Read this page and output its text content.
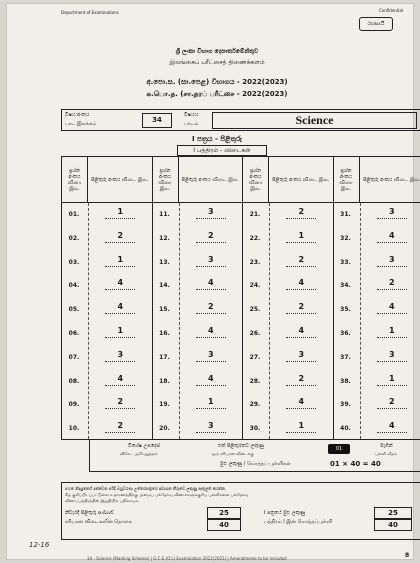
Department of Examinations	Confidential
රහස්‍යයි
ශ්‍රී ලංකා විභාග දෙපාර්තමේන්තුව
இலங்கைப் பரீட்சைத் திணைக்களம்
අ.පො.ස. (සා.පෙළ) විභාගය - 2022(2023)
க.பொ.த. (சா.தரப் பரீட்சை - 2022(2023)
විෂය අංකය
பாட இலக்கம்	34
විෂයය
பாடம்	Science
I පත්‍රය - පිළිතුරු
I பத்திரம் - விடைகள்
ප්‍රශ්න අංකය வினா இல.
පිළිතුරු අංකය விடை இல.
ප්‍රශ්න අංකය வினா இல.
පිළිතුරු අංකය விடை இல.
ප්‍රශ්න අංකය வினா இல.
පිළිතුරු අංකය விடை இல.
ප්‍රශ්න අංකය வினா இல.
පිළිතුරු අංකය விடை இல.
01.	1
02.	2
03.	1
04.	4
05.	4
06.	1
07.	3
08.	4
09.	2
10.	2
11.	3
12.	2
13.	3
14.	4
15.	2
16.	4
17.	3
18.	4
19.	1
20.	3
21.	2
22.	1
23.	2
24.	4
25.	2
26.	4
27.	3
28.	2
29.	4
30.	1
31.	3
32.	4
33.	3
34.	2
35.	4
36.	1
37.	3
38.	1
39.	2
40.	4
විශේෂ උපදෙස්
விசேட அறிவுறுத்தல்
එක් පිළිතුරකට ලකුණු
ஒரு சரியான விடைக்கு
01	මැගින්
புள்ளி வீதம்
මුළු ලකුණු / மொத்தப் புள்ளிகள்	01 × 40 = 40
පහත නිදසුනෙහි දක්වෙන පරිදි බහුවරණ උත්තරපත්‍රයේ අවසාන තීරුවේ ලකුණු ඇතුළත් කරන්න.
கீழ் குறிப்பிடப்பட்டுள்ள உதாரணத்திற்கு அமைய பல்தேர்வு வினாக்களுக்குரிய புள்ளிகளை பல்தேர்வு
வினாப்பத்திரத்தின் இறுதியில் பதிக்கவும்.
නිවැරදි පිළිතුරු සංඛ්‍යාව
சரியான விடைகளின் தொகை
25
40
I පත්‍රයේ මුළු ලකුණු
பத்திரம் I இன் மொத்தப்புள்ளி
25
40
12-16
34 - Science (Marking Scheme) | G.C.E.(O.L) Examination 2022(2023) | Amendments to be included	8
